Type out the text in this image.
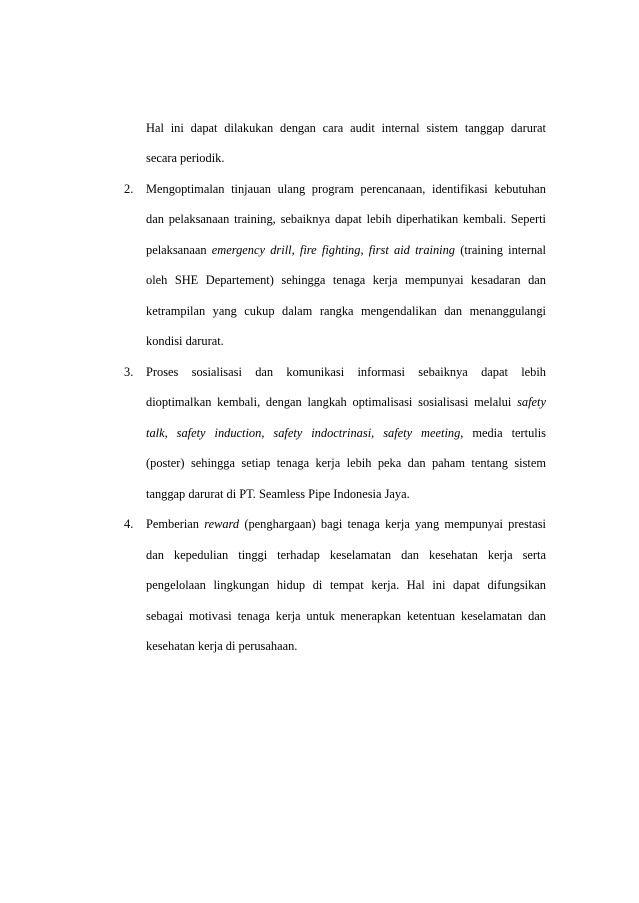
Hal ini dapat dilakukan dengan cara audit internal sistem tanggap darurat
secara periodik.
2.	Mengoptimalan tinjauan ulang program perencanaan, identifikasi kebutuhan
dan pelaksanaan training, sebaiknya dapat lebih diperhatikan kembali. Seperti
pelaksanaan emergency drill, fire fighting, first aid training (training internal
oleh SHE Departement) sehingga tenaga kerja mempunyai kesadaran dan
ketrampilan yang cukup dalam rangka mengendalikan dan menanggulangi
kondisi darurat.
3.	Proses sosialisasi dan komunikasi informasi sebaiknya dapat lebih
dioptimalkan kembali, dengan langkah optimalisasi sosialisasi melalui safety
talk, safety induction, safety indoctrinasi, safety meeting, media tertulis
(poster) sehingga setiap tenaga kerja lebih peka dan paham tentang sistem
tanggap darurat di PT. Seamless Pipe Indonesia Jaya.
4.	Pemberian reward (penghargaan) bagi tenaga kerja yang mempunyai prestasi
dan kepedulian tinggi terhadap keselamatan dan kesehatan kerja serta
pengelolaan lingkungan hidup di tempat kerja. Hal ini dapat difungsikan
sebagai motivasi tenaga kerja untuk menerapkan ketentuan keselamatan dan
kesehatan kerja di perusahaan.
